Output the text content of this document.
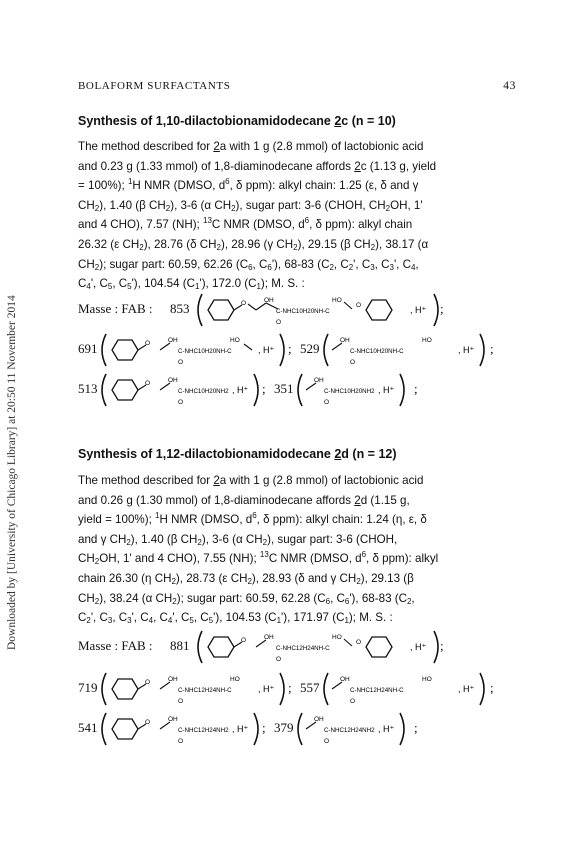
Downloaded by [University of Chicago Library] at 20:50 11 November 2014
BOLAFORM SURFACTANTS	43
Synthesis of 1,10-dilactobionamidodecane 2c (n = 10)
The method described for 2a with 1 g (2.8 mmol) of lactobionic acid
and 0.23 g (1.33 mmol) of 1,8-diaminodecane affords 2c (1.13 g, yield
= 100%); $^1$H NMR (DMSO, $d^6$, δ ppm): alkyl chain: 1.25 (ε, δ and γ
$CH_2$), 1.40 (β $CH_2$), 3-6 (α $CH_2$), sugar part: 3-6 (CHOH, $CH_2OH$, 1'
and 4 CHO), 7.57 (NH); $^{13}$C NMR (DMSO, $d^6$, δ ppm): alkyl chain
26.32 (ε $CH_2$), 28.76 (δ $CH_2$), 28.96 (γ $CH_2$), 29.15 (β $CH_2$), 38.17 (α
$CH_2$); sugar part: 60.59, 62.26 ($C_6$, $C_6'$), 68-83 ($C_2$, $C_2'$, $C_3$, $C_3'$, $C_4$,
$C_4'$, $C_5$, $C_5'$), 104.54 $(C_1')$, 172.0 $(C_1)$; M. S. :
Masse : FAB : 853	O	OH
C-NHC10H20NH-C
O
HO
O	, H⁺ ;
691	O	OH
C-NHC10H20NH-C
O
HO
, H⁺ ; 529
OH
C-NHC10H20NH-C
O
HO
, H⁺ ;
513	O	OH
C-NHC10H20NH2
O
, H⁺ ; 351
OH
C-NHC10H20NH2
O
, H⁺ ;
Synthesis of 1,12-dilactobionamidodecane 2d (n = 12)
The method described for 2a with 1 g (2.8 mmol) of lactobionic acid
and 0.26 g (1.30 mmol) of 1,8-diaminodecane affords 2d (1.15 g,
yield = 100%); $^1$H NMR (DMSO, $d^6$, δ ppm): alkyl chain: 1.24 (η, ε, δ
and γ $CH_2$), 1.40 (β $CH_2$), 3-6 (α $CH_2$), sugar part: 3-6 (CHOH,
$CH_2OH$, 1' and 4 CHO), 7.55 (NH); $^{13}$C NMR (DMSO, $d^6$, δ ppm): alkyl
chain 26.30 (η $CH_2$), 28.73 (ε $CH_2$), 28.93 (δ and γ $CH_2$), 29.13 (β
$CH_2$), 38.24 (α $CH_2$); sugar part: 60.59, 62.28 ($C_6$, $C_6'$), 68-83 ($C_2$,
$C_2'$, $C_3$, $C_3'$, $C_4$, $C_4'$, $C_5$, $C_5'$), 104.53 $(C_1')$, 171.97 $(C_1)$; M. S. :
Masse : FAB : 881	O	OH
C-NHC12H24NH-C
O
HO
O	, H⁺ ;
719	O	OH
C-NHC12H24NH-C
O
HO
, H⁺ ; 557
OH
C-NHC12H24NH-C
O
HO
, H⁺ ;
541	O	OH
C-NHC12H24NH2
O
, H⁺ ; 379
OH
C-NHC12H24NH2
O
, H⁺ ;
